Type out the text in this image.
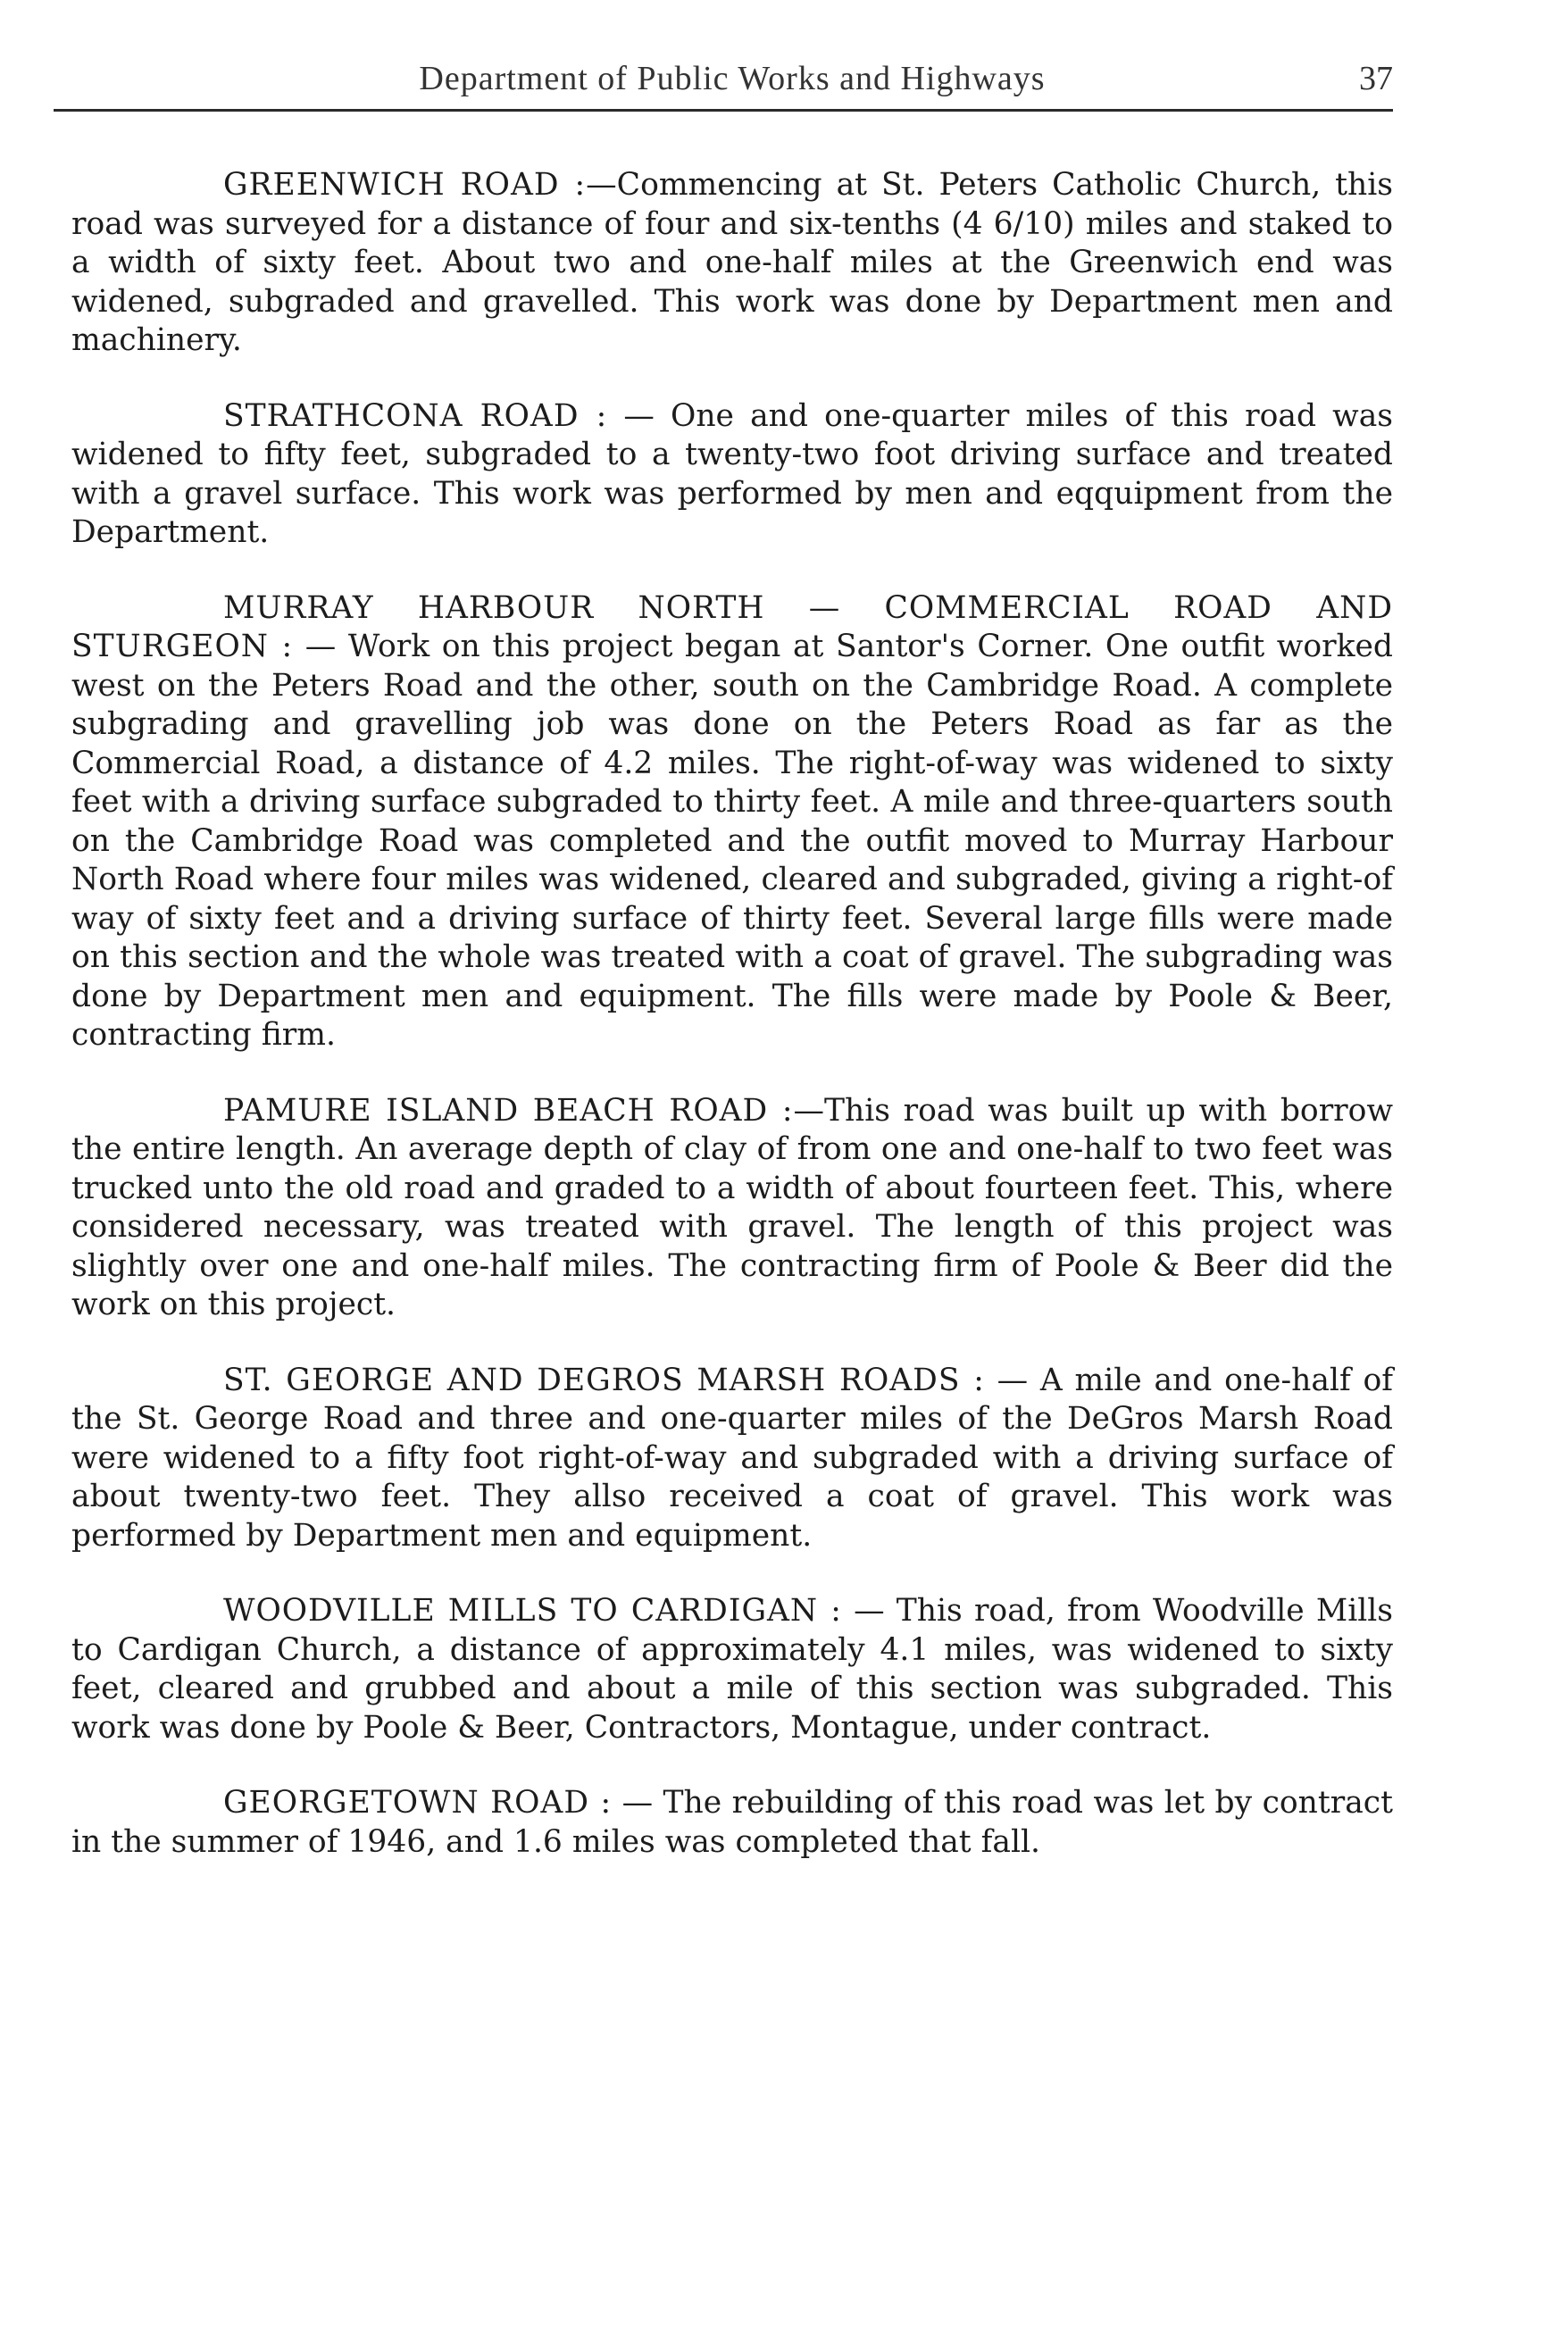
Department of Public Works and Highways	37

GREENWICH ROAD :—Commencing at St. Peters Catholic Church, this road was surveyed for a distance of four and six-tenths (4 6/10) miles and staked to a width of sixty feet. About two and one-half miles at the Greenwich end was widened, subgraded and gravelled. This work was done by Department men and machinery.

STRATHCONA ROAD : — One and one-quarter miles of this road was widened to fifty feet, subgraded to a twenty-two foot driving surface and treated with a gravel surface. This work was performed by men and eqquipment from the Department.

MURRAY HARBOUR NORTH — COMMERCIAL ROAD AND STURGEON : — Work on this project began at Santor's Corner. One outfit worked west on the Peters Road and the other, south on the Cambridge Road. A complete subgrading and gravelling job was done on the Peters Road as far as the Commercial Road, a distance of 4.2 miles. The right-of-way was widened to sixty feet with a driving surface subgraded to thirty feet. A mile and three-quarters south on the Cambridge Road was completed and the outfit moved to Murray Harbour North Road where four miles was widened, cleared and subgraded, giving a right-of way of sixty feet and a driving surface of thirty feet. Several large fills were made on this section and the whole was treated with a coat of gravel. The subgrading was done by Department men and equipment. The fills were made by Poole & Beer, contracting firm.

PAMURE ISLAND BEACH ROAD :—This road was built up with borrow the entire length. An average depth of clay of from one and one-half to two feet was trucked unto the old road and graded to a width of about fourteen feet. This, where considered necessary, was treated with gravel. The length of this project was slightly over one and one-half miles. The contracting firm of Poole & Beer did the work on this project.

ST. GEORGE AND DEGROS MARSH ROADS : — A mile and one-half of the St. George Road and three and one-quarter miles of the DeGros Marsh Road were widened to a fifty foot right-of-way and subgraded with a driving surface of about twenty-two feet. They allso received a coat of gravel. This work was performed by Department men and equipment.

WOODVILLE MILLS TO CARDIGAN : — This road, from Woodville Mills to Cardigan Church, a distance of approximately 4.1 miles, was widened to sixty feet, cleared and grubbed and about a mile of this section was subgraded. This work was done by Poole & Beer, Contractors, Montague, under contract.

GEORGETOWN ROAD : — The rebuilding of this road was let by contract in the summer of 1946, and 1.6 miles was completed that fall.
